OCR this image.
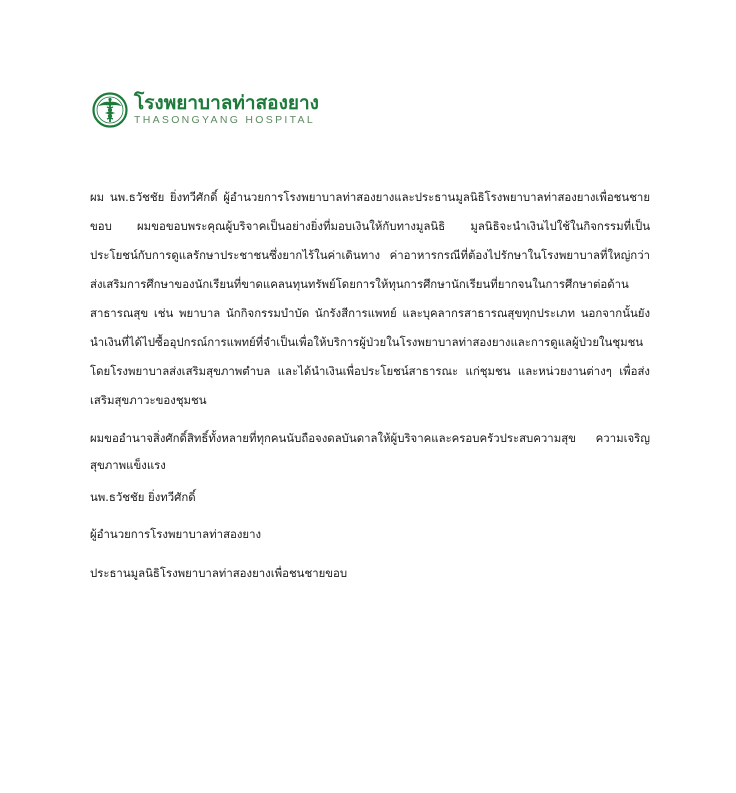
โรงพยาบาลท่าสองยาง
THASONGYANG HOSPITAL

ผม นพ.ธวัชชัย ยิ่งทวีศักดิ์ ผู้อำนวยการโรงพยาบาลท่าสองยางและประธานมูลนิธิโรงพยาบาลท่าสองยางเพื่อชนชายขอบ ผมขอขอบพระคุณผู้บริจาคเป็นอย่างยิ่งที่มอบเงินให้กับทางมูลนิธิ มูลนิธิจะนำเงินไปใช้ในกิจกรรมที่เป็นประโยชน์กับการดูแลรักษาประชาชนซึ่งยากไร้ในค่าเดินทาง ค่าอาหารกรณีที่ต้องไปรักษาในโรงพยาบาลที่ใหญ่กว่า ส่งเสริมการศึกษาของนักเรียนที่ขาดแคลนทุนทรัพย์โดยการให้ทุนการศึกษานักเรียนที่ยากจนในการศึกษาต่อด้านสาธารณสุข เช่น พยาบาล นักกิจกรรมบำบัด นักรังสีการแพทย์ และบุคลากรสาธารณสุขทุกประเภท นอกจากนั้นยังนำเงินที่ได้ไปซื้ออุปกรณ์การแพทย์ที่จำเป็นเพื่อให้บริการผู้ป่วยในโรงพยาบาลท่าสองยางและการดูแลผู้ป่วยในชุมชนโดยโรงพยาบาลส่งเสริมสุขภาพตำบล และได้นำเงินเพื่อประโยชน์สาธารณะ แก่ชุมชน และหน่วยงานต่างๆ เพื่อส่งเสริมสุขภาวะของชุมชน

ผมขออำนาจสิ่งศักดิ์สิทธิ์ทั้งหลายที่ทุกคนนับถือจงดลบันดาลให้ผู้บริจาคและครอบครัวประสบความสุข ความเจริญ สุขภาพแข็งแรง

นพ.ธวัชชัย ยิ่งทวีศักดิ์

ผู้อำนวยการโรงพยาบาลท่าสองยาง

ประธานมูลนิธิโรงพยาบาลท่าสองยางเพื่อชนชายขอบ
